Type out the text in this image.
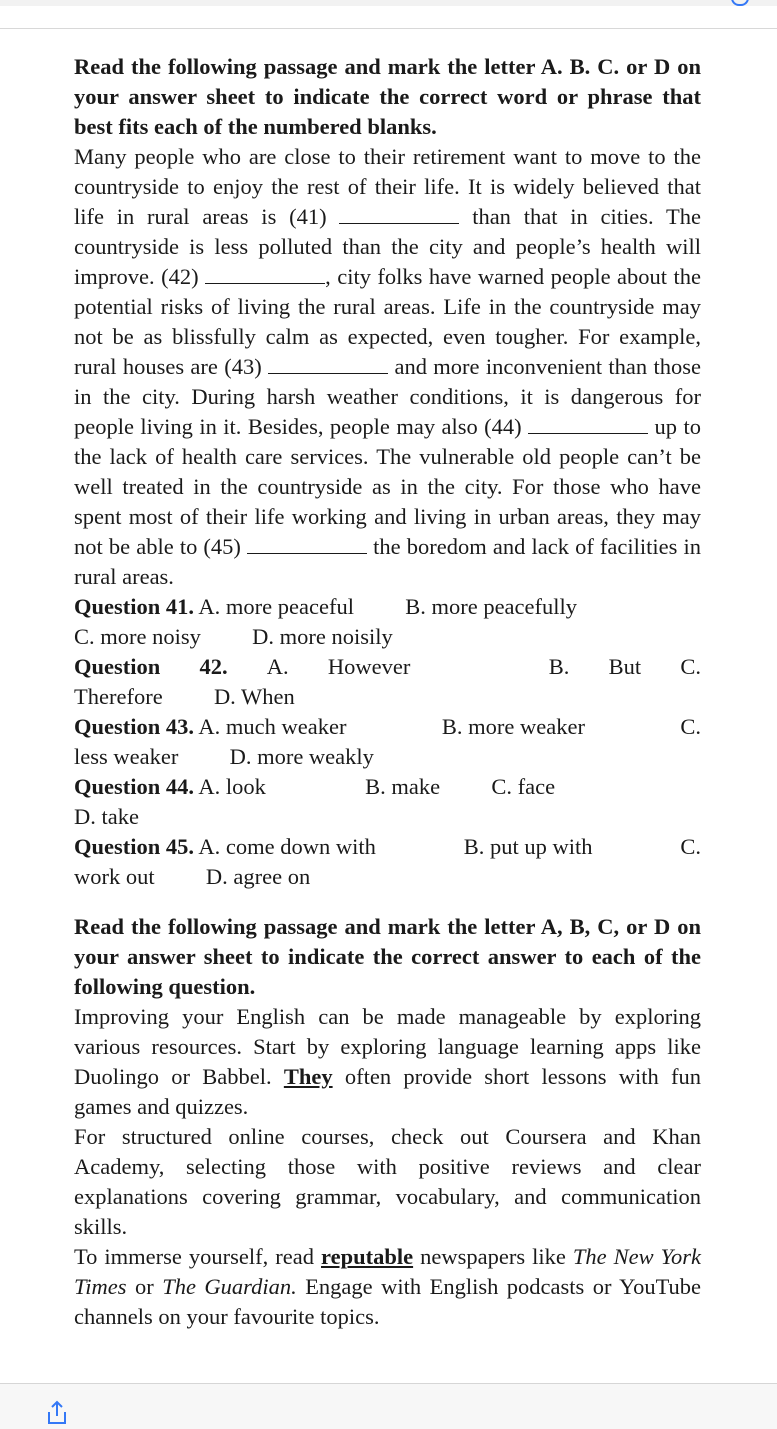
Read the following passage and mark the letter A. B. C. or D on your answer sheet to indicate the correct word or phrase that best fits each of the numbered blanks.

Many people who are close to their retirement want to move to the countryside to enjoy the rest of their life. It is widely believed that life in rural areas is (41)	than that in cities. The countryside is less polluted than the city and people’s health will improve. (42)	, city folks have warned people about the potential risks of living the rural areas. Life in the countryside may not be as blissfully calm as expected, even tougher. For example, rural houses are (43)	and more inconvenient than those in the city. During harsh weather conditions, it is dangerous for people living in it. Besides, people may also (44)	up to the lack of health care services. The vulnerable old people can’t be well treated in the countryside as in the city. For those who have spent most of their life working and living in urban areas, they may not be able to (45)	the boredom and lack of facilities in rural areas.

Question 41. A. more peaceful B. more peacefully
C. more noisy D. more noisily

Question 42. A. However	B. But C.

Therefore D. When

Question 43. A. much weaker	B. more weaker	C.

less weaker D. more weakly

Question 44. A. look	B. make C. face
D. take

Question 45. A. come down with	B. put up with	C.

work out D. agree on

Read the following passage and mark the letter A, B, C, or D on your answer sheet to indicate the correct answer to each of the following question.

Improving your English can be made manageable by exploring various resources. Start by exploring language learning apps like Duolingo or Babbel. They often provide short lessons with fun games and quizzes.

For structured online courses, check out Coursera and Khan Academy, selecting those with positive reviews and clear explanations covering grammar, vocabulary, and communication skills.

To immerse yourself, read reputable newspapers like The New York Times or The Guardian. Engage with English podcasts or YouTube channels on your favourite topics.
